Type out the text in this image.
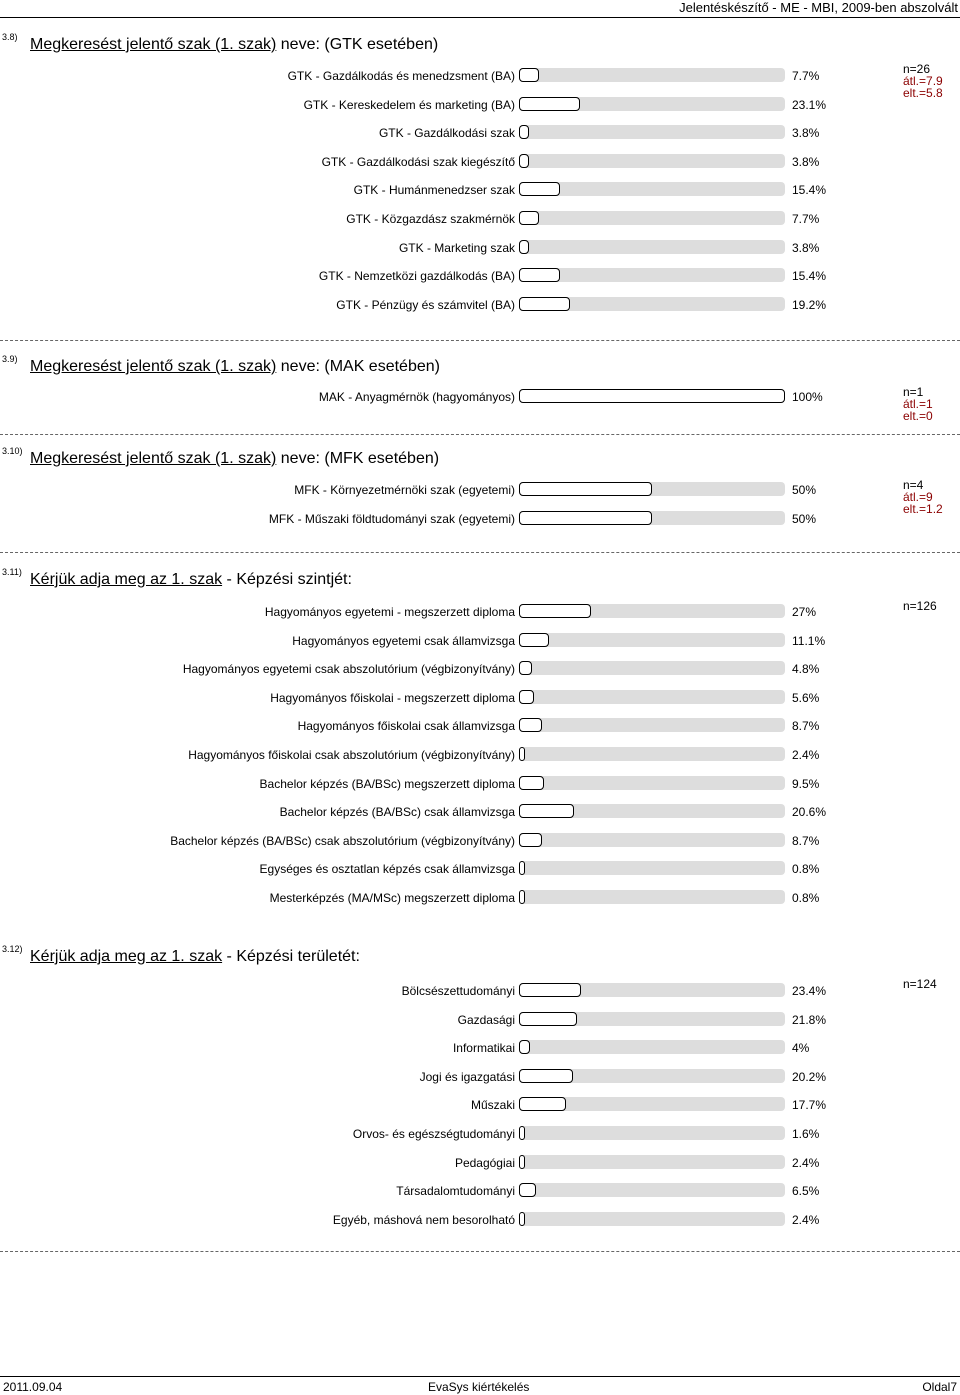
Jelentéskészítő - ME - MBI, 2009-ben abszolvált
3.8) Megkeresést jelentő szak (1. szak) neve: (GTK esetében)
GTK - Gazdálkodás és menedzsment (BA)	7.7%
GTK - Kereskedelem és marketing (BA)	23.1%
GTK - Gazdálkodási szak	3.8%
GTK - Gazdálkodási szak kiegészítő	3.8%
GTK - Humánmenedzser szak	15.4%
GTK - Közgazdász szakmérnök	7.7%
GTK - Marketing szak	3.8%
GTK - Nemzetközi gazdálkodás (BA)	15.4%
GTK - Pénzügy és számvitel (BA)	19.2%
n=26
átl.=7.9
elt.=5.8
3.9) Megkeresést jelentő szak (1. szak) neve: (MAK esetében)
MAK - Anyagmérnök (hagyományos)	100%	n=1
átl.=1
elt.=0
3.10) Megkeresést jelentő szak (1. szak) neve: (MFK esetében)
MFK - Környezetmérnöki szak (egyetemi)	50%
MFK - Műszaki földtudományi szak (egyetemi)	50%
n=4
átl.=9
elt.=1.2
3.11) Kérjük adja meg az 1. szak - Képzési szintjét:
Hagyományos egyetemi - megszerzett diploma	27%
Hagyományos egyetemi csak államvizsga	11.1%
Hagyományos egyetemi csak abszolutórium (végbizonyítvány)	4.8%
Hagyományos főiskolai - megszerzett diploma	5.6%
Hagyományos főiskolai csak államvizsga	8.7%
Hagyományos főiskolai csak abszolutórium (végbizonyítvány)	2.4%
Bachelor képzés (BA/BSc) megszerzett diploma	9.5%
Bachelor képzés (BA/BSc) csak államvizsga	20.6%
Bachelor képzés (BA/BSc) csak abszolutórium (végbizonyítvány)	8.7%
Egységes és osztatlan képzés csak államvizsga	0.8%
Mesterképzés (MA/MSc) megszerzett diploma	0.8%
n=126
3.12) Kérjük adja meg az 1. szak - Képzési területét:
Bölcsészettudományi	23.4%
Gazdasági	21.8%
Informatikai	4%
Jogi és igazgatási	20.2%
Műszaki	17.7%
Orvos- és egészségtudományi	1.6%
Pedagógiai	2.4%
Társadalomtudományi	6.5%
Egyéb, máshová nem besorolható	2.4%
n=124
2011.09.04	EvaSys kiértékelés	Oldal7
